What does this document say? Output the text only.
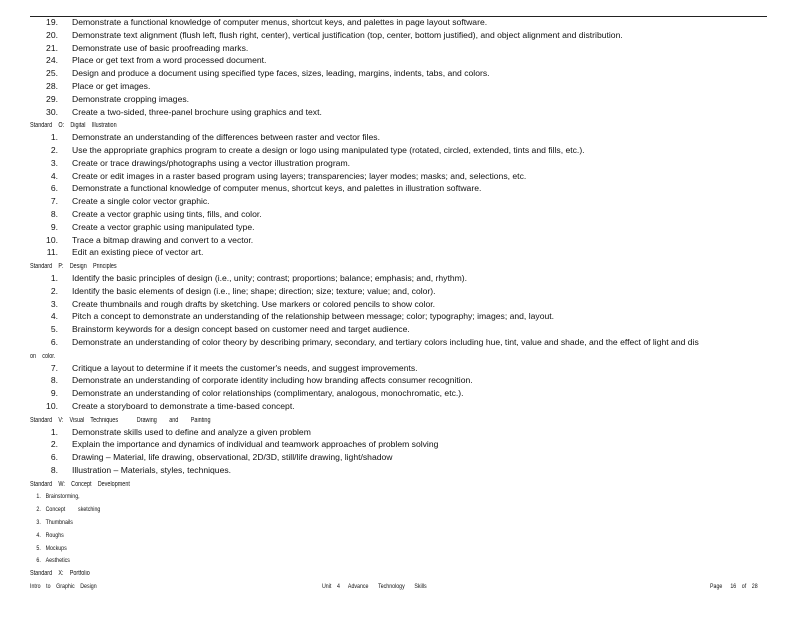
19. Demonstrate a functional knowledge of computer menus, shortcut keys, and palettes in page layout software.
20. Demonstrate text alignment (flush left, flush right, center), vertical justification (top, center, bottom justified), and object alignment and distribution.
21. Demonstrate use of basic proofreading marks.
24. Place or get text from a word processed document.
25. Design and produce a document using specified type faces, sizes, leading, margins, indents, tabs, and colors.
28. Place or get images.
29. Demonstrate cropping images.
30. Create a two-sided, three-panel brochure using graphics and text.
Standard O: Digital Illustration
1. Demonstrate an understanding of the differences between raster and vector files.
2. Use the appropriate graphics program to create a design or logo using manipulated type (rotated, circled, extended, tints and fills, etc.).
3. Create or trace drawings/photographs using a vector illustration program.
4. Create or edit images in a raster based program using layers; transparencies; layer modes; masks; and, selections, etc.
6. Demonstrate a functional knowledge of computer menus, shortcut keys, and palettes in illustration software.
7. Create a single color vector graphic.
8. Create a vector graphic using tints, fills, and color.
9. Create a vector graphic using manipulated type.
10. Trace a bitmap drawing and convert to a vector.
11. Edit an existing piece of vector art.
Standard P: Design Principles
1. Identify the basic principles of design (i.e., unity; contrast; proportions; balance; emphasis; and, rhythm).
2. Identify the basic elements of design (i.e., line; shape; direction; size; texture; value; and, color).
3. Create thumbnails and rough drafts by sketching. Use markers or colored pencils to show color.
4. Pitch a concept to demonstrate an understanding of the relationship between message; color; typography; images; and, layout.
5. Brainstorm keywords for a design concept based on customer need and target audience.
6. Demonstrate an understanding of color theory by describing primary, secondary, and tertiary colors including hue, tint, value and shade, and the effect of light and dis
on color.
7. Critique a layout to determine if it meets the customer's needs, and suggest improvements.
8. Demonstrate an understanding of corporate identity including how branding affects consumer recognition.
9. Demonstrate an understanding of color relationships (complimentary, analogous, monochromatic, etc.).
10. Create a storyboard to demonstrate a time-based concept.
Standard V: Visual Techniques	Drawing and Painting
1. Demonstrate skills used to define and analyze a given problem
2. Explain the importance and dynamics of individual and teamwork approaches of problem solving
6. Drawing – Material, life drawing, observational, 2D/3D, still/life drawing, light/shadow
8. Illustration – Materials, styles, techniques.
Standard W: Concept Development
1. Brainstorming,
2. Concept sketching
3. Thumbnails
4. Roughs
5. Mockups
6. Aesthetics
Standard X: Portfolio
Intro to Graphic Design	Unit 4 Advance Technology Skills	Page 16 of 28
